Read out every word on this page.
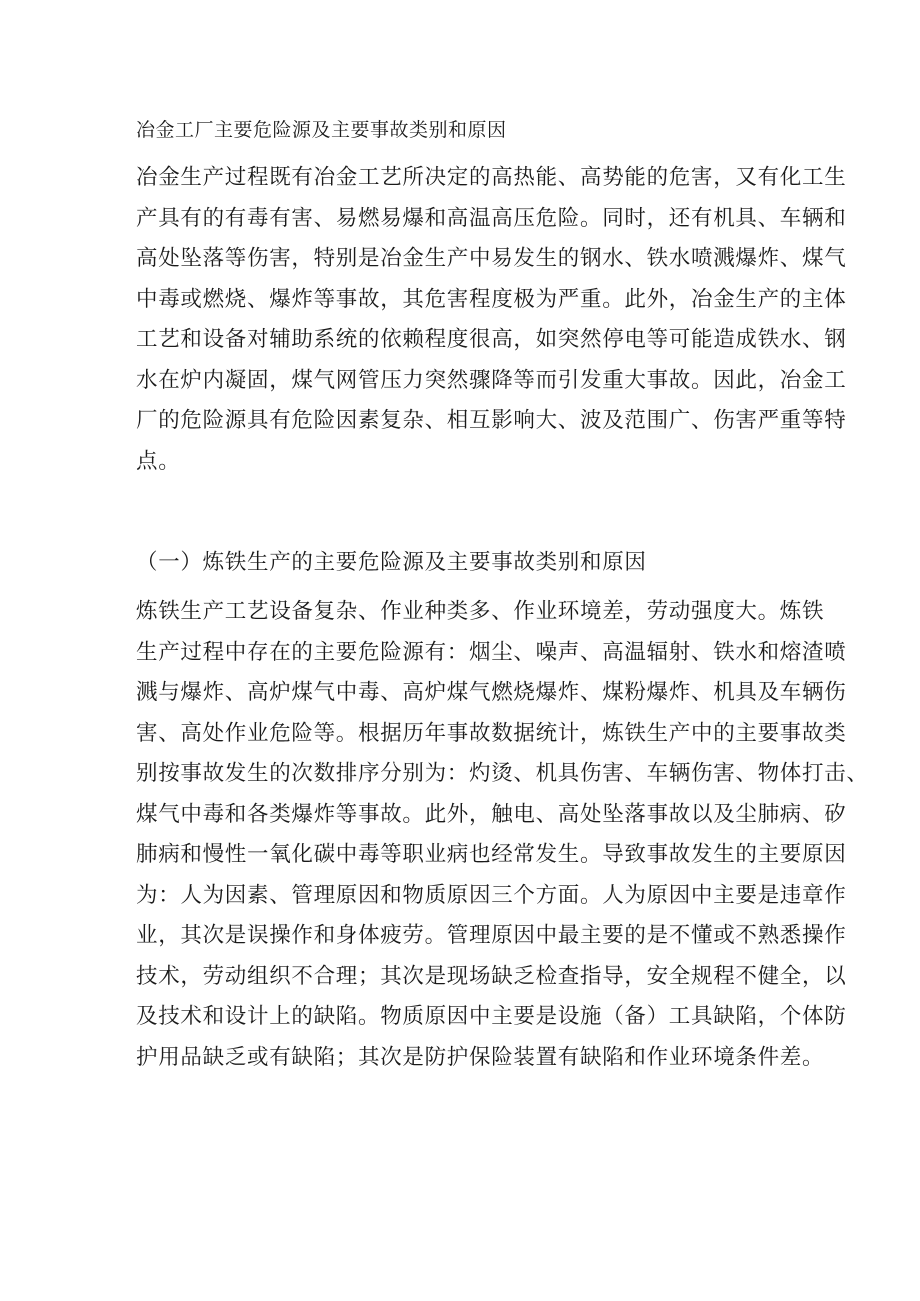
冶金工厂主要危险源及主要事故类别和原因

冶金生产过程既有冶金工艺所决定的高热能、高势能的危害，又有化工生
产具有的有毒有害、易燃易爆和高温高压危险。同时，还有机具、车辆和
高处坠落等伤害，特别是冶金生产中易发生的钢水、铁水喷溅爆炸、煤气
中毒或燃烧、爆炸等事故，其危害程度极为严重。此外，冶金生产的主体
工艺和设备对辅助系统的依赖程度很高，如突然停电等可能造成铁水、钢
水在炉内凝固，煤气网管压力突然骤降等而引发重大事故。因此，冶金工
厂的危险源具有危险因素复杂、相互影响大、波及范围广、伤害严重等特
点。

（一）炼铁生产的主要危险源及主要事故类别和原因

炼铁生产工艺设备复杂、作业种类多、作业环境差，劳动强度大。炼铁
生产过程中存在的主要危险源有：烟尘、噪声、高温辐射、铁水和熔渣喷
溅与爆炸、高炉煤气中毒、高炉煤气燃烧爆炸、煤粉爆炸、机具及车辆伤
害、高处作业危险等。根据历年事故数据统计，炼铁生产中的主要事故类
别按事故发生的次数排序分别为：灼烫、机具伤害、车辆伤害、物体打击、
煤气中毒和各类爆炸等事故。此外，触电、高处坠落事故以及尘肺病、矽
肺病和慢性一氧化碳中毒等职业病也经常发生。导致事故发生的主要原因
为：人为因素、管理原因和物质原因三个方面。人为原因中主要是违章作
业，其次是误操作和身体疲劳。管理原因中最主要的是不懂或不熟悉操作
技术，劳动组织不合理；其次是现场缺乏检查指导，安全规程不健全，以
及技术和设计上的缺陷。物质原因中主要是设施（备）工具缺陷，个体防
护用品缺乏或有缺陷；其次是防护保险装置有缺陷和作业环境条件差。
